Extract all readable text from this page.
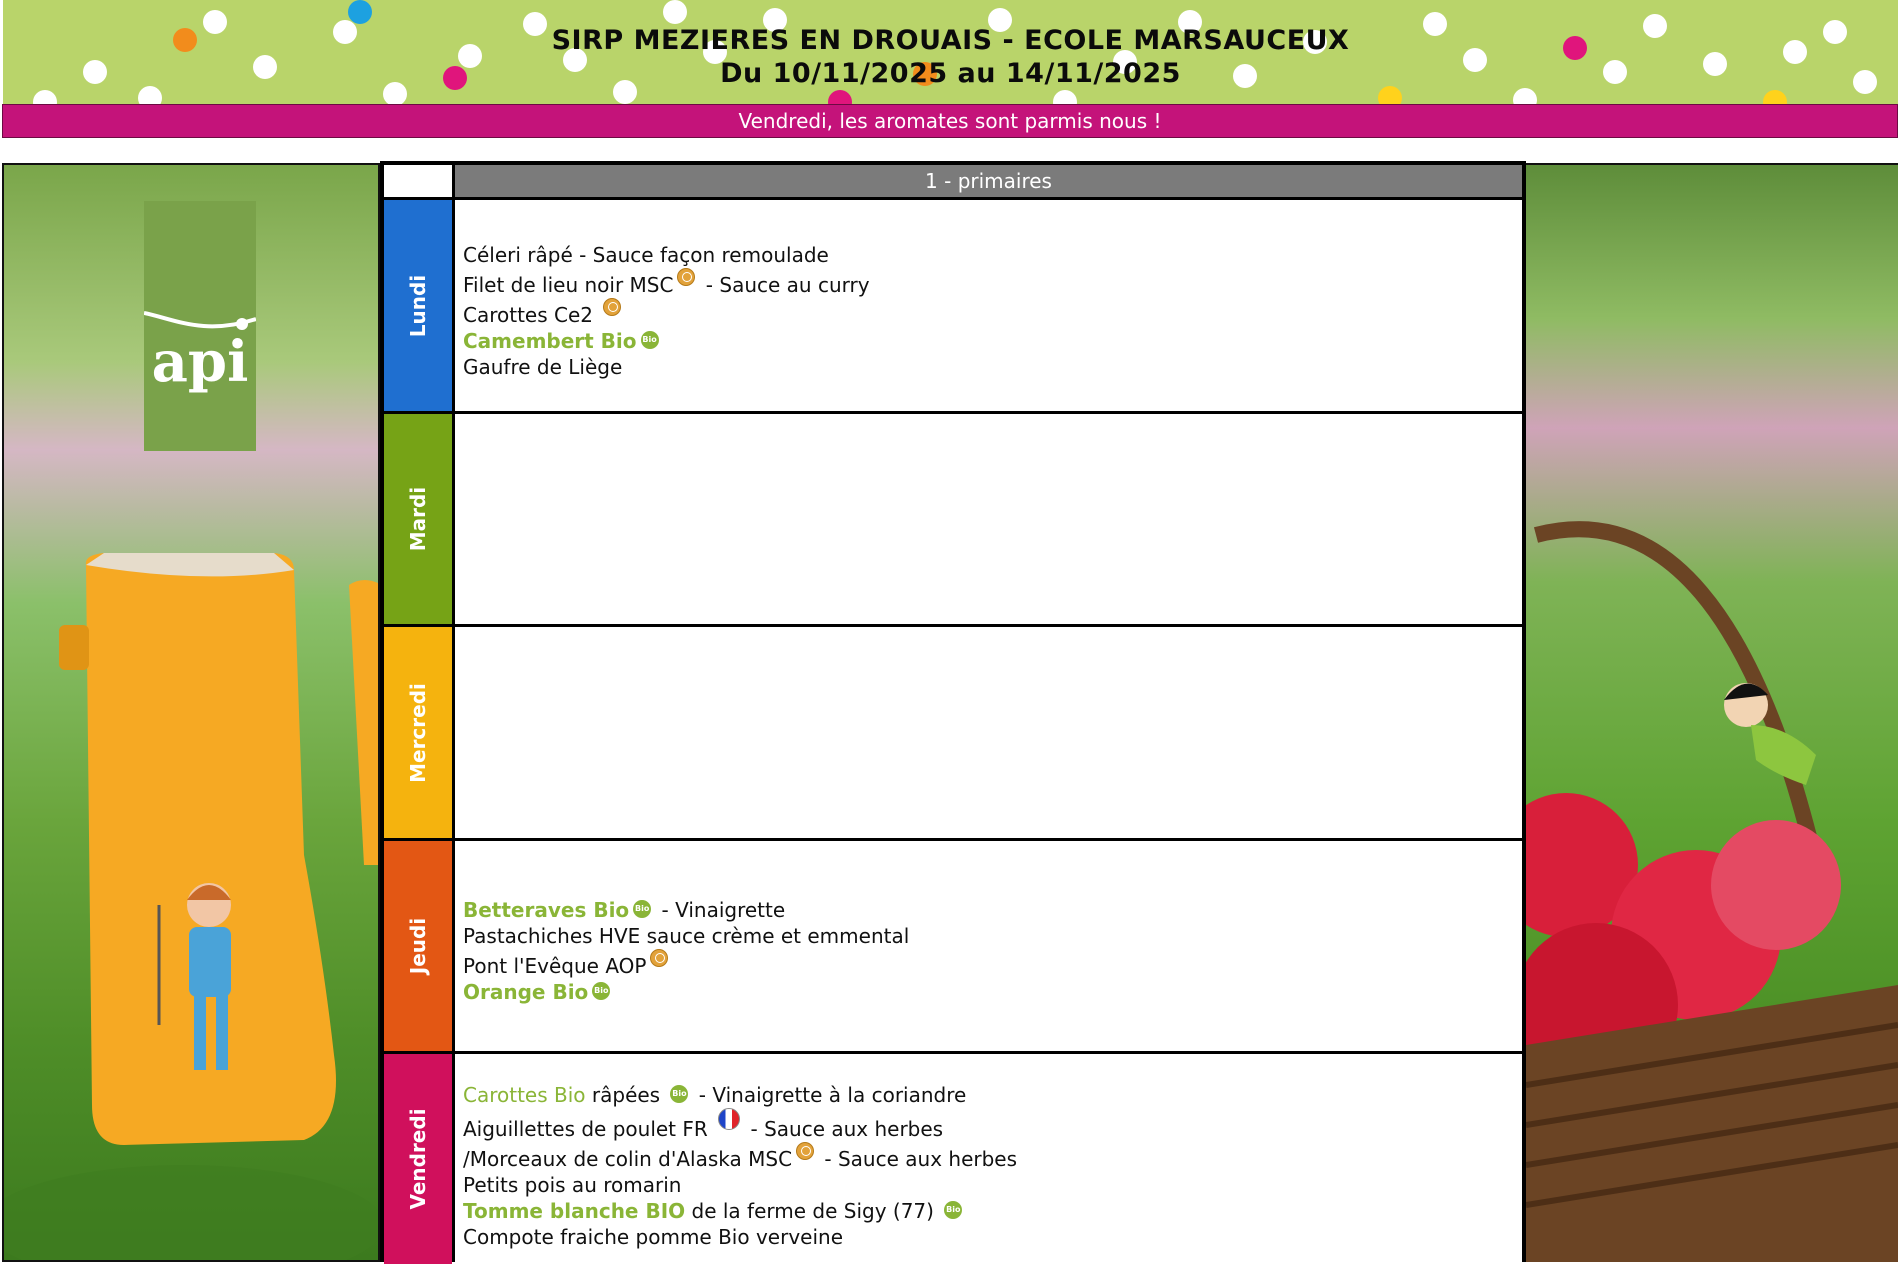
SIRP MEZIERES EN DROUAIS - ECOLE MARSAUCEUX
Du 10/11/2025 au 14/11/2025
Vendredi, les aromates sont parmis nous !
api
1 - primaires
Lundi
Céleri râpé - Sauce façon remoulade
Filet de lieu noir MSC - Sauce au curry
Carottes Ce2
Camembert Bio Bio
Gaufre de Liège
Mardi
Mercredi
Jeudi
Betteraves Bio Bio - Vinaigrette
Pastachiches HVE sauce crème et emmental
Pont l'Evêque AOP
Orange Bio Bio
Vendredi
Carottes Bio râpées Bio - Vinaigrette à la coriandre
Aiguillettes de poulet FR  - Sauce aux herbes
/Morceaux de colin d'Alaska MSC - Sauce aux herbes
Petits pois au romarin
Tomme blanche BIO de la ferme de Sigy (77) Bio
Compote fraiche pomme Bio verveine
